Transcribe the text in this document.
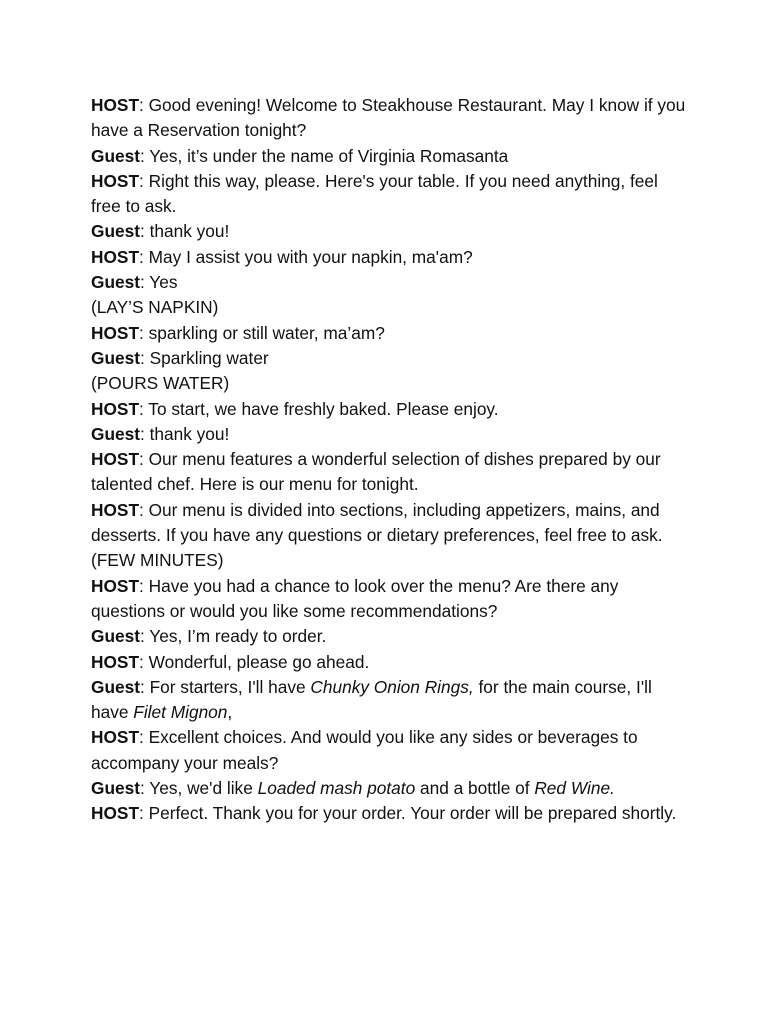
HOST: Good evening! Welcome to Steakhouse Restaurant. May I know if you have a Reservation tonight?
Guest: Yes, it’s under the name of Virginia Romasanta
HOST: Right this way, please. Here's your table. If you need anything, feel free to ask.
Guest: thank you!
HOST: May I assist you with your napkin, ma'am?
Guest: Yes
(LAY’S NAPKIN)
HOST: sparkling or still water, ma’am?
Guest: Sparkling water
(POURS WATER)
HOST: To start, we have freshly baked. Please enjoy.
Guest: thank you!
HOST: Our menu features a wonderful selection of dishes prepared by our talented chef. Here is our menu for tonight.
HOST: Our menu is divided into sections, including appetizers, mains, and desserts. If you have any questions or dietary preferences, feel free to ask.
(FEW MINUTES)
HOST: Have you had a chance to look over the menu? Are there any questions or would you like some recommendations?
Guest: Yes, I’m ready to order.
HOST: Wonderful, please go ahead.
Guest: For starters, I'll have Chunky Onion Rings, for the main course, I'll have Filet Mignon,
HOST: Excellent choices. And would you like any sides or beverages to accompany your meals?
Guest: Yes, we'd like Loaded mash potato and a bottle of Red Wine.
HOST: Perfect. Thank you for your order. Your order will be prepared shortly.
